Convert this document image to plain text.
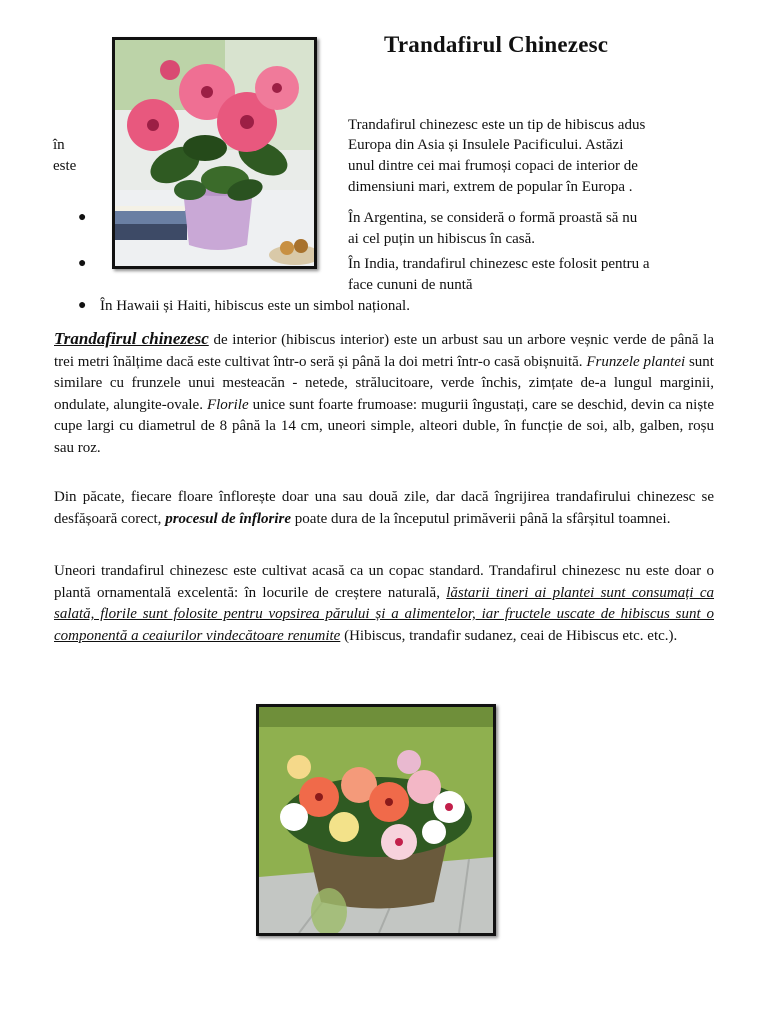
Trandafirul Chinezesc
Trandafirul chinezesc este un tip de hibiscus adus
în	Europa din Asia și Insulele Pacificului. Astăzi
este	unul dintre cei mai frumoși copaci de interior de
dimensiuni mari, extrem de popular în Europa .
●	În Argentina, se consideră o formă proastă să nu
ai cel puțin un hibiscus în casă.
●	În India, trandafirul chinezesc este folosit pentru a
face cununi de nuntă
● În Hawaii și Haiti, hibiscus este un simbol național.

Trandafirul chinezesc de interior (hibiscus interior) este un arbust sau un arbore veșnic verde de până la trei metri înălțime dacă este cultivat într-o seră și până la doi metri într-o casă obișnuită. Frunzele plantei sunt similare cu frunzele unui mesteacăn - netede, strălucitoare, verde închis, zimțate de-a lungul marginii, ondulate, alungite-ovale. Florile unice sunt foarte frumoase: mugurii îngustați, care se deschid, devin ca niște cupe largi cu diametrul de 8 până la 14 cm, uneori simple, alteori duble, în funcție de soi, alb, galben, roșu sau roz.

Din păcate, fiecare floare înflorește doar una sau două zile, dar dacă îngrijirea trandafirului chinezesc se desfășoară corect, procesul de înflorire poate dura de la începutul primăverii până la sfârșitul toamnei.

Uneori trandafirul chinezesc este cultivat acasă ca un copac standard. Trandafirul chinezesc nu este doar o plantă ornamentală excelentă: în locurile de creștere naturală, lăstarii tineri ai plantei sunt consumați ca salată, florile sunt folosite pentru vopsirea părului și a alimentelor, iar fructele uscate de hibiscus sunt o componentă a ceaiurilor vindecătoare renumite (Hibiscus, trandafir sudanez, ceai de Hibiscus etc. etc.).
